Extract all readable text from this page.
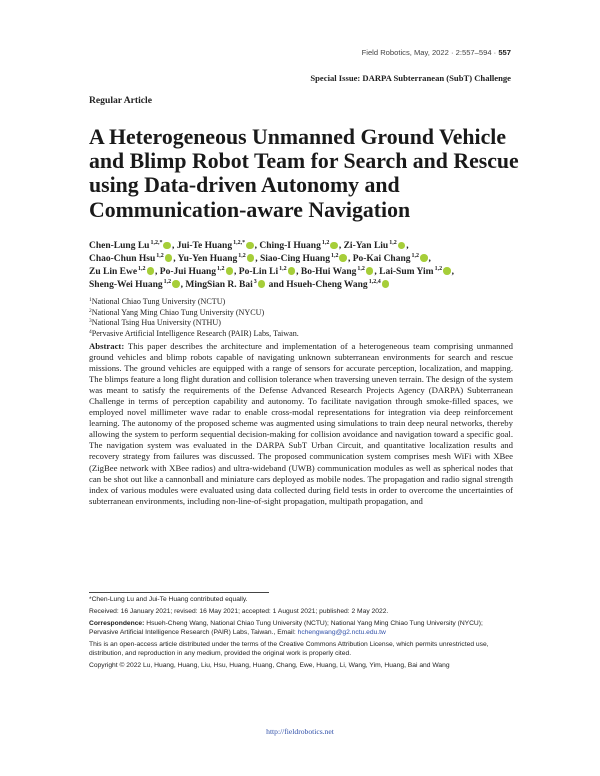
Field Robotics, May, 2022 · 2:557–594 · 557
Special Issue: DARPA Subterranean (SubT) Challenge
Regular Article
A Heterogeneous Unmanned Ground Vehicle and Blimp Robot Team for Search and Rescue using Data-driven Autonomy and Communication-aware Navigation
Chen-Lung $Lu^{1,2,*}$ , Jui-Te Huang$^{1,2,*}$ , Ching-I Huang$^{1,2}$ , Zi-Yan Liu$^{1,2}$ ,
Chao-Chun Hsu$^{1,2}$ , Yu-Yen Huang$^{1,2}$ , Siao-Cing Huang$^{1,2}$ , Po-Kai Chang$^{1,2}$ ,
Zu Lin Ewe$^{1,2}$ , Po-Jui Huang$^{1,2}$ , Po-Lin Li$^{1,2}$ , Bo-Hui Wang$^{1,2}$ , Lai-Sum Yim$^{1,2}$ ,
Sheng-Wei Huang$^{1,2}$ , MingSian R. Bai$^3$ and Hsueh-Cheng Wang$^{1,2,4}$
$^1$National Chiao Tung University (NCTU)
$^2$National Yang Ming Chiao Tung University (NYCU)
$^3$National Tsing Hua University (NTHU)
$^4$Pervasive Artificial Intelligence Research (PAIR) Labs, Taiwan.
Abstract: This paper describes the architecture and implementation of a heterogeneous team comprising unmanned ground vehicles and blimp robots capable of navigating unknown subterranean environments for search and rescue missions. The ground vehicles are equipped with a range of sensors for accurate perception, localization, and mapping. The blimps feature a long flight duration and collision tolerance when traversing uneven terrain. The design of the system was meant to satisfy the requirements of the Defense Advanced Research Projects Agency (DARPA) Subterranean Challenge in terms of perception capability and autonomy. To facilitate navigation through smoke-filled spaces, we employed novel millimeter wave radar to enable cross-modal representations for integration via deep reinforcement learning. The autonomy of the proposed scheme was augmented using simulations to train deep neural networks, thereby allowing the system to perform sequential decision-making for collision avoidance and navigation toward a specific goal. The navigation system was evaluated in the DARPA SubT Urban Circuit, and quantitative localization results and recovery strategy from failures was discussed. The proposed communication system comprises mesh WiFi with XBee (ZigBee network with XBee radios) and ultra-wideband (UWB) communication modules as well as spherical nodes that can be shot out like a cannonball and miniature cars deployed as mobile nodes. The propagation and radio signal strength index of various modules were evaluated using data collected during field tests in order to overcome the uncertainties of subterranean environments, including non-line-of-sight propagation, multipath propagation, and

*Chen-Lung Lu and Jui-Te Huang contributed equally.

Received: 16 January 2021; revised: 16 May 2021; accepted: 1 August 2021; published: 2 May 2022.

Correspondence: Hsueh-Cheng Wang, National Chiao Tung University (NCTU); National Yang Ming Chiao Tung University (NYCU); Pervasive Artificial Intelligence Research (PAIR) Labs, Taiwan., Email: hchengwang@g2.nctu.edu.tw

This is an open-access article distributed under the terms of the Creative Commons Attribution License, which permits unrestricted use, distribution, and reproduction in any medium, provided the original work is properly cited.

Copyright © 2022 Lu, Huang, Huang, Liu, Hsu, Huang, Huang, Chang, Ewe, Huang, Li, Wang, Yim, Huang, Bai and Wang

http://fieldrobotics.net
